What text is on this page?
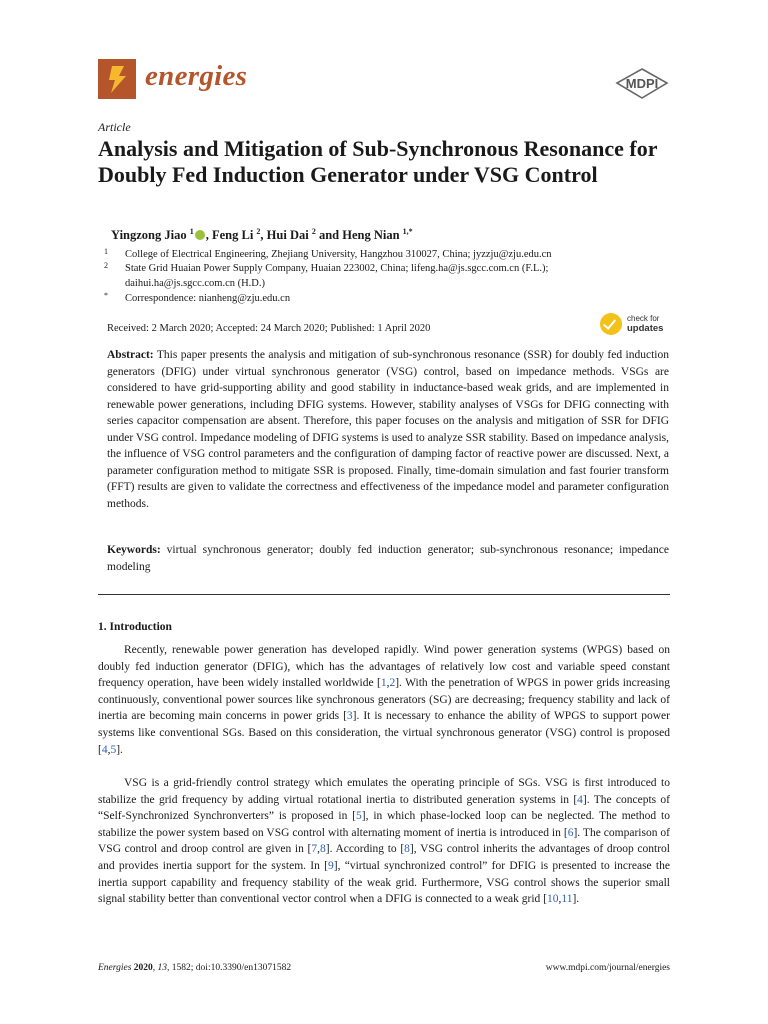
energies	MDPI
Article
Analysis and Mitigation of Sub-Synchronous Resonance for Doubly Fed Induction Generator under VSG Control
Yingzong Jiao $^1$ , Feng Li $^2$, Hui Dai $^2$ and Heng Nian $^{1,*}$
1 College of Electrical Engineering, Zhejiang University, Hangzhou 310027, China; jyzzju@zju.edu.cn
2 State Grid Huaian Power Supply Company, Huaian 223002, China; lifeng.ha@js.sgcc.com.cn (F.L.);
daihui.ha@js.sgcc.com.cn (H.D.)
* Correspondence: nianheng@zju.edu.cn
Received: 2 March 2020; Accepted: 24 March 2020; Published: 1 April 2020
check for
updates

Abstract: This paper presents the analysis and mitigation of sub-synchronous resonance (SSR) for doubly fed induction generators (DFIG) under virtual synchronous generator (VSG) control, based on impedance methods. VSGs are considered to have grid-supporting ability and good stability in inductance-based weak grids, and are implemented in renewable power generations, including DFIG systems. However, stability analyses of VSGs for DFIG connecting with series capacitor compensation are absent. Therefore, this paper focuses on the analysis and mitigation of SSR for DFIG under VSG control. Impedance modeling of DFIG systems is used to analyze SSR stability. Based on impedance analysis, the influence of VSG control parameters and the configuration of damping factor of reactive power are discussed. Next, a parameter configuration method to mitigate SSR is proposed. Finally, time-domain simulation and fast fourier transform (FFT) results are given to validate the correctness and effectiveness of the impedance model and parameter configuration methods.

Keywords: virtual synchronous generator; doubly fed induction generator; sub-synchronous resonance; impedance modeling

1. Introduction

Recently, renewable power generation has developed rapidly. Wind power generation systems (WPGS) based on doubly fed induction generator (DFIG), which has the advantages of relatively low cost and variable speed constant frequency operation, have been widely installed worldwide [1,2]. With the penetration of WPGS in power grids increasing continuously, conventional power sources like synchronous generators (SG) are decreasing; frequency stability and lack of inertia are becoming main concerns in power grids [3]. It is necessary to enhance the ability of WPGS to support power systems like conventional SGs. Based on this consideration, the virtual synchronous generator (VSG) control is proposed [4,5].

VSG is a grid-friendly control strategy which emulates the operating principle of SGs. VSG is first introduced to stabilize the grid frequency by adding virtual rotational inertia to distributed generation systems in [4]. The concepts of “Self-Synchronized Synchronverters” is proposed in [5], in which phase-locked loop can be neglected. The method to stabilize the power system based on VSG control with alternating moment of inertia is introduced in [6]. The comparison of VSG control and droop control are given in [7,8]. According to [8], VSG control inherits the advantages of droop control and provides inertia support for the system. In [9], “virtual synchronized control” for DFIG is presented to increase the inertia support capability and frequency stability of the weak grid. Furthermore, VSG control shows the superior small signal stability better than conventional vector control when a DFIG is connected to a weak grid [10,11].

Energies 2020, 13, 1582; doi:10.3390/en13071582	www.mdpi.com/journal/energies
